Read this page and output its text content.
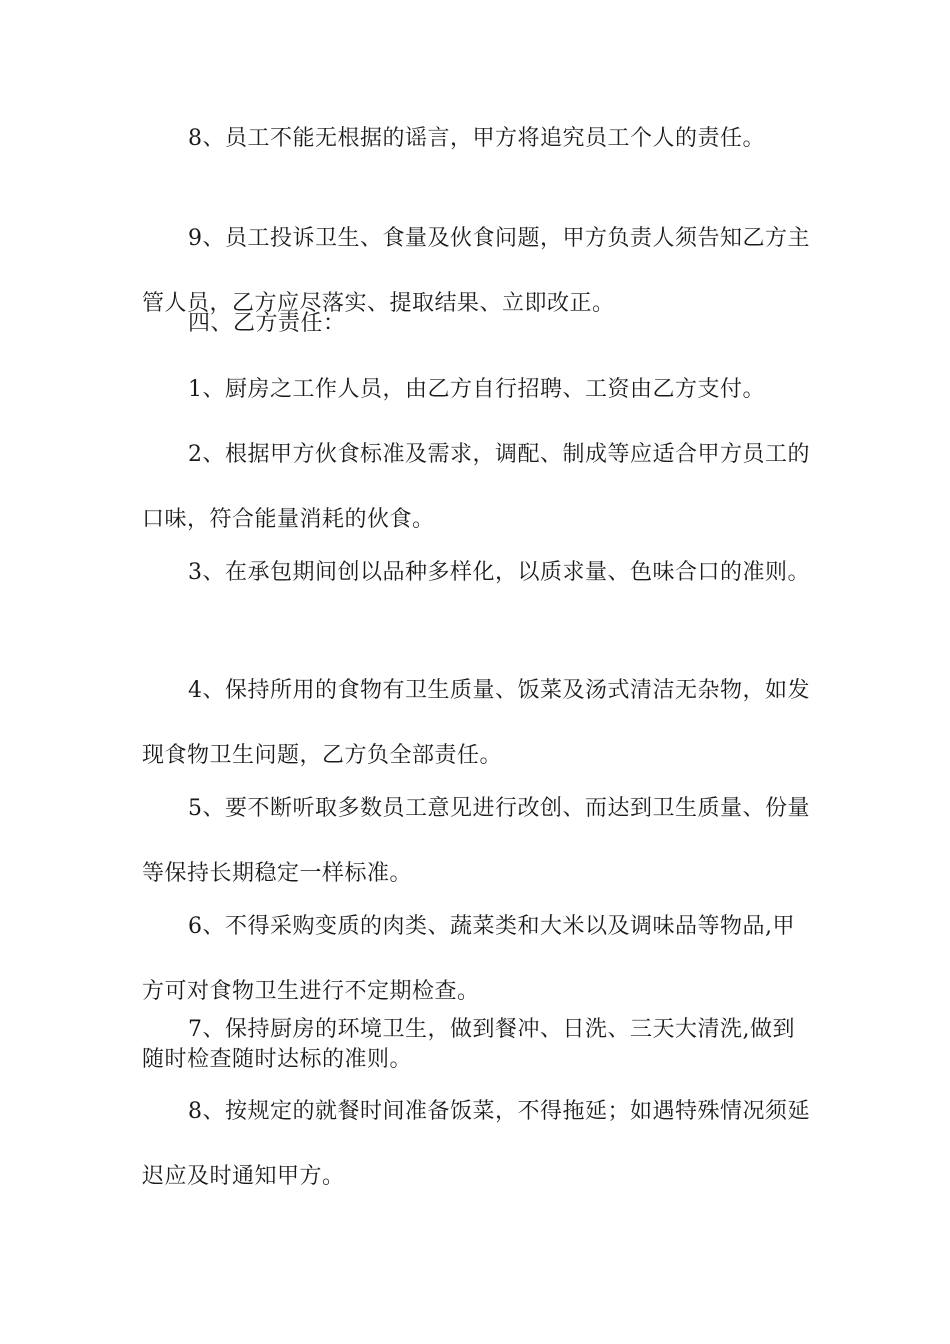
8、员工不能无根据的谣言，甲方将追究员工个人的责任。

9、员工投诉卫生、食量及伙食问题，甲方负责人须告知乙方主管人员，乙方应尽落实、提取结果、立即改正。

四、乙方责任：

1、厨房之工作人员，由乙方自行招聘、工资由乙方支付。

2、根据甲方伙食标准及需求，调配、制成等应适合甲方员工的口味，符合能量消耗的伙食。

3、在承包期间创以品种多样化，以质求量、色味合口的准则。

4、保持所用的食物有卫生质量、饭菜及汤式清洁无杂物，如发现食物卫生问题，乙方负全部责任。

5、要不断听取多数员工意见进行改创、而达到卫生质量、份量等保持长期稳定一样标准。

6、不得采购变质的肉类、蔬菜类和大米以及调味品等物品,甲方可对食物卫生进行不定期检查。

7、保持厨房的环境卫生，做到餐冲、日洗、三天大清洗,做到随时检查随时达标的准则。

8、按规定的就餐时间准备饭菜，不得拖延；如遇特殊情况须延迟应及时通知甲方。
